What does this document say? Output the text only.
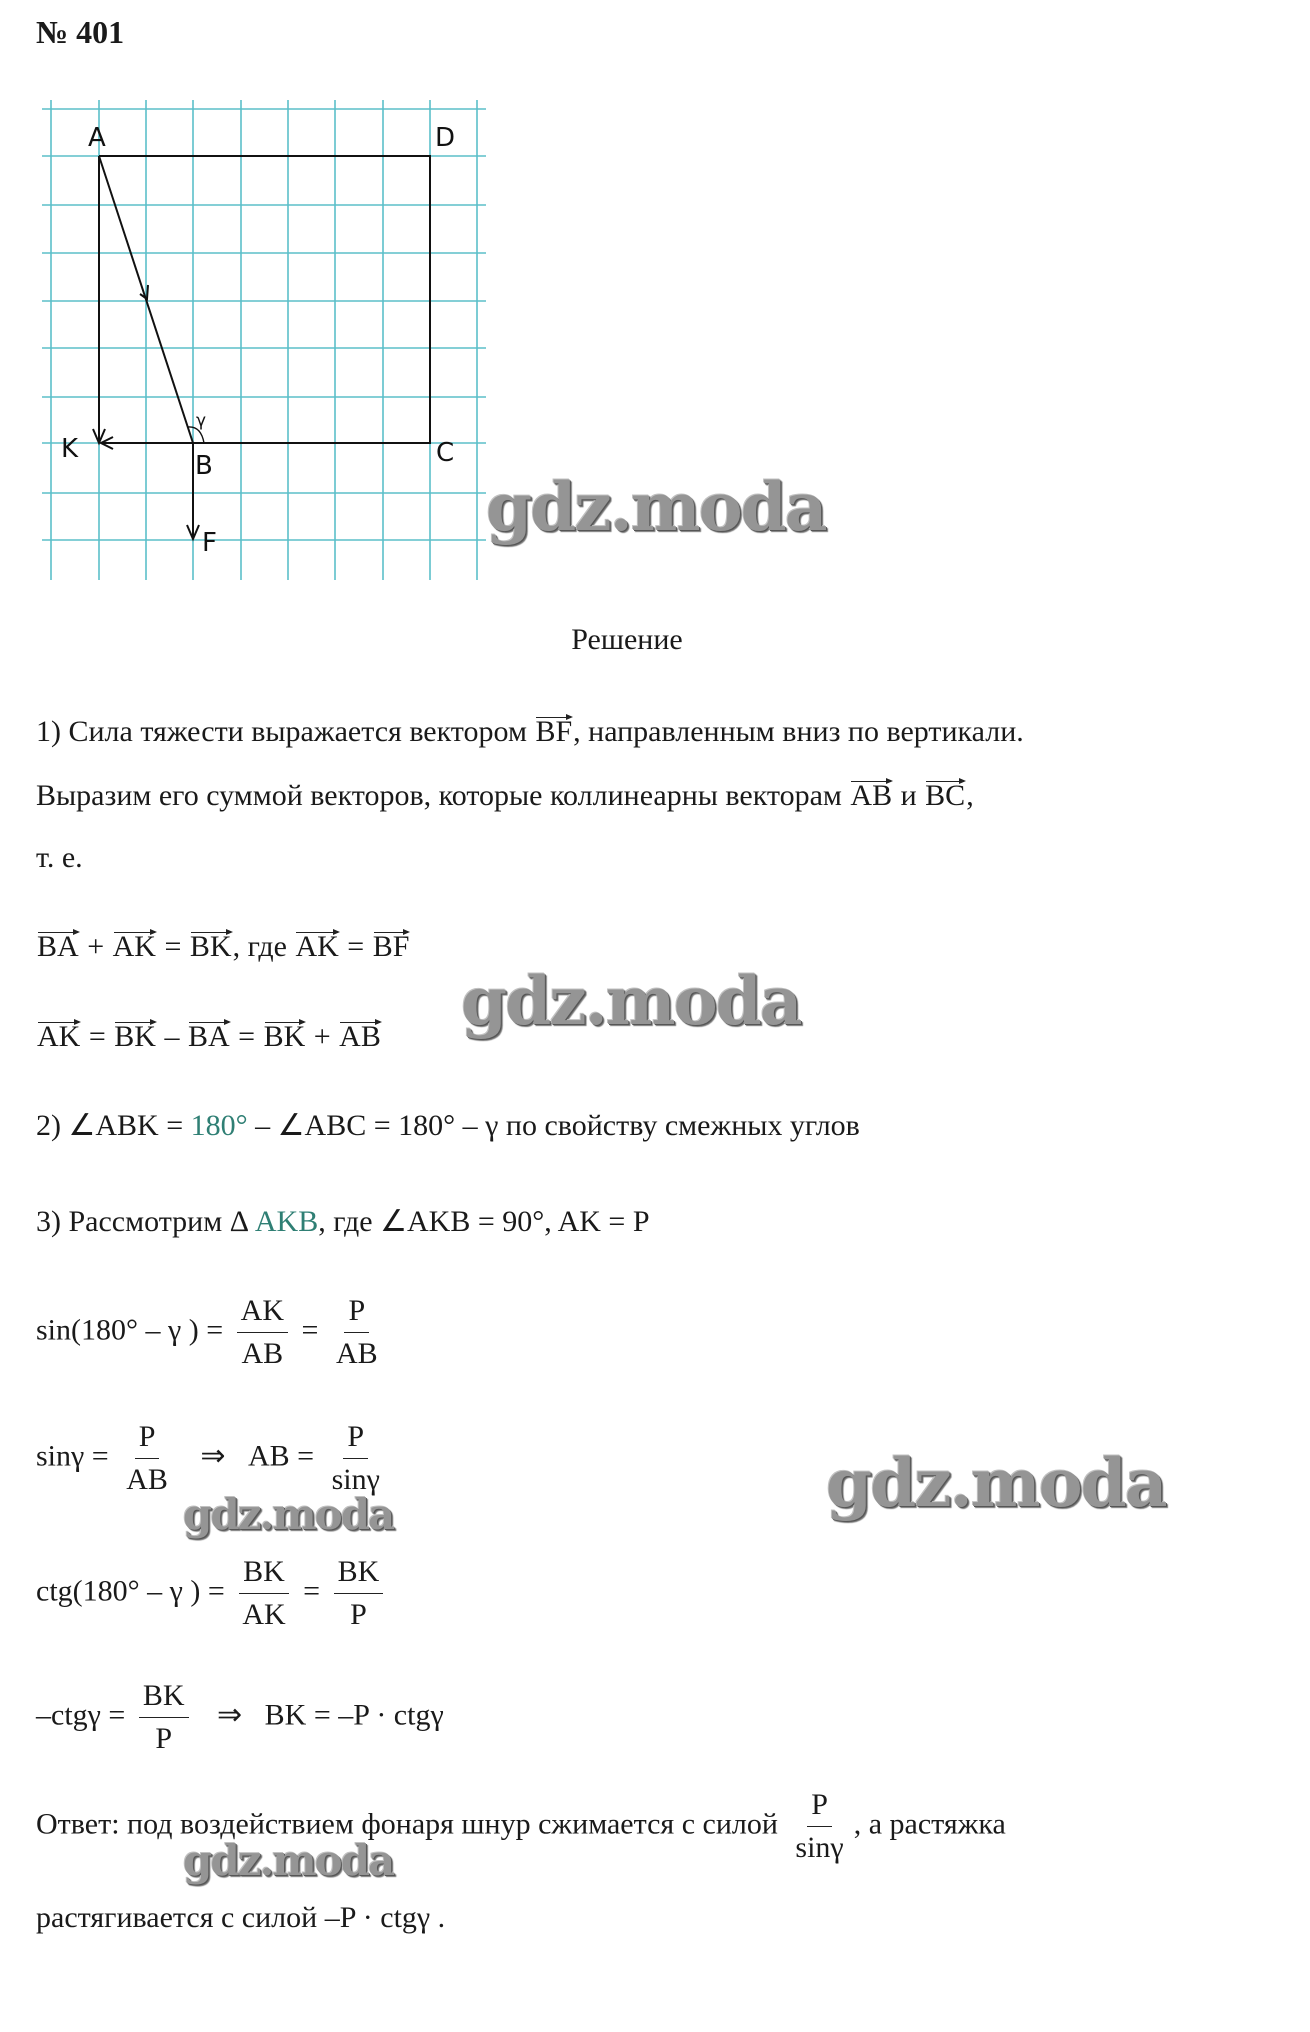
№ 401
A	D
K
B	C
F
γ
gdz.moda
gdz.moda
gdz.moda
gdz.moda
gdz.moda
Решение
1) Сила тяжести выражается вектором BF, направленным вниз по вертикали.
Выразим его суммой векторов, которые коллинеарны векторам AB и BC,
т. е.
BA + AK = BK, где AK = BF
AK = BK – BA = BK + AB
2) ∠ABK = 180° – ∠ABC = 180° – γ по свойству смежных углов
3) Рассмотрим Δ AKB, где ∠AKB = 90°, AK = P
sin(180° – γ ) = $\frac{AK}{AB} = \frac{P}{AB}$
$\sin\gamma = \frac{P}{AB}$ ⇒   AB = $\frac{P}{\sin\gamma}$
ctg(180° – γ ) = $\frac{BK}{AK} = \frac{BK}{P}$
$-ctg\gamma = \frac{BK}{P}$ ⇒   BK = –P · ctgγ
Ответ: под воздействием фонаря шнур сжимается с силой $\frac{P}{\sin\gamma}$ , а растяжка
растягивается с силой –P · ctgγ .
